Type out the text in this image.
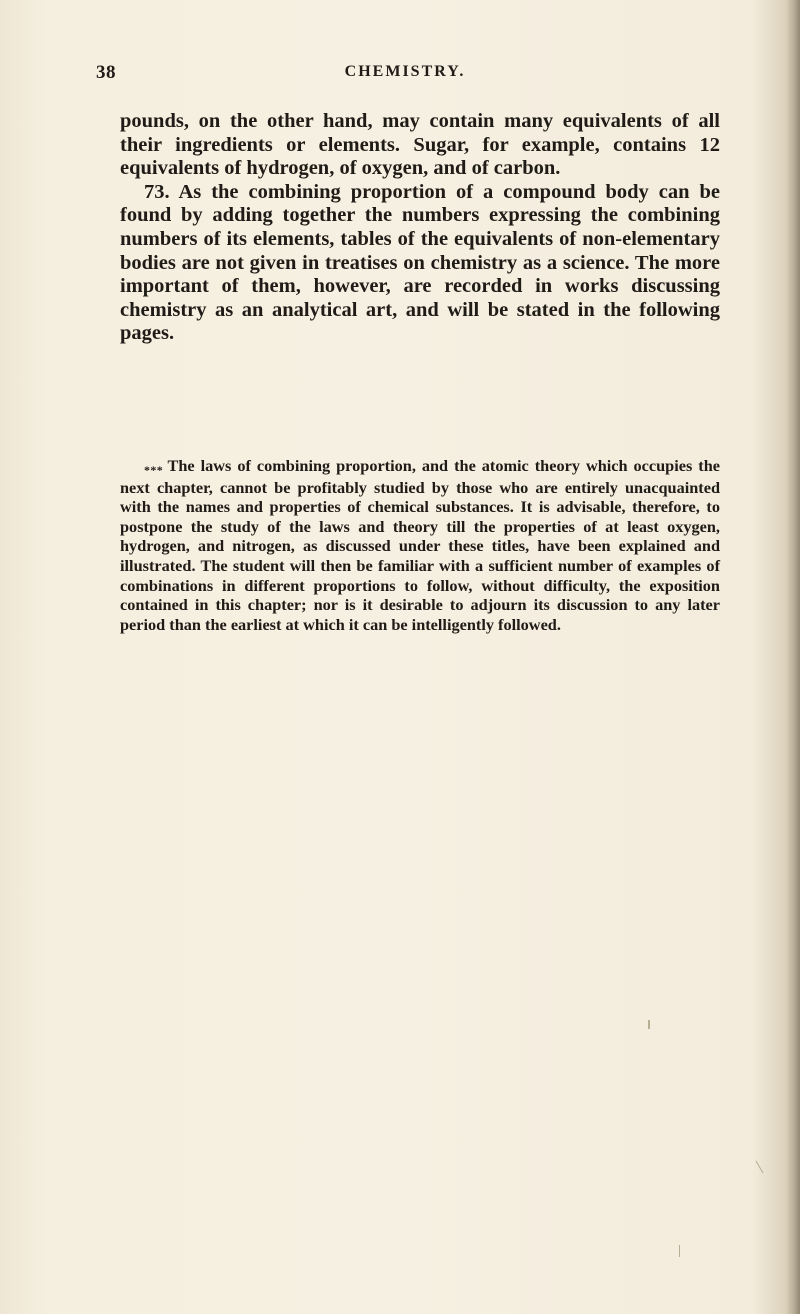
38	CHEMISTRY.

pounds, on the other hand, may contain many equivalents of all their ingredients or elements. Sugar, for example, contains 12 equivalents of hydrogen, of oxygen, and of carbon.

73. As the combining proportion of a compound body can be found by adding together the numbers expressing the combining numbers of its elements, tables of the equivalents of non-elementary bodies are not given in treatises on chemistry as a science. The more important of them, however, are recorded in works discussing chemistry as an analytical art, and will be stated in the following pages.

* * * The laws of combining proportion, and the atomic theory which occupies the next chapter, cannot be profitably studied by those who are entirely unacquainted with the names and properties of chemical substances. It is advisable, therefore, to postpone the study of the laws and theory till the properties of at least oxygen, hydrogen, and nitrogen, as discussed under these titles, have been explained and illustrated. The student will then be familiar with a sufficient number of examples of combinations in different proportions to follow, without difficulty, the exposition contained in this chapter; nor is it desirable to adjourn its discussion to any later period than the earliest at which it can be intelligently followed.
